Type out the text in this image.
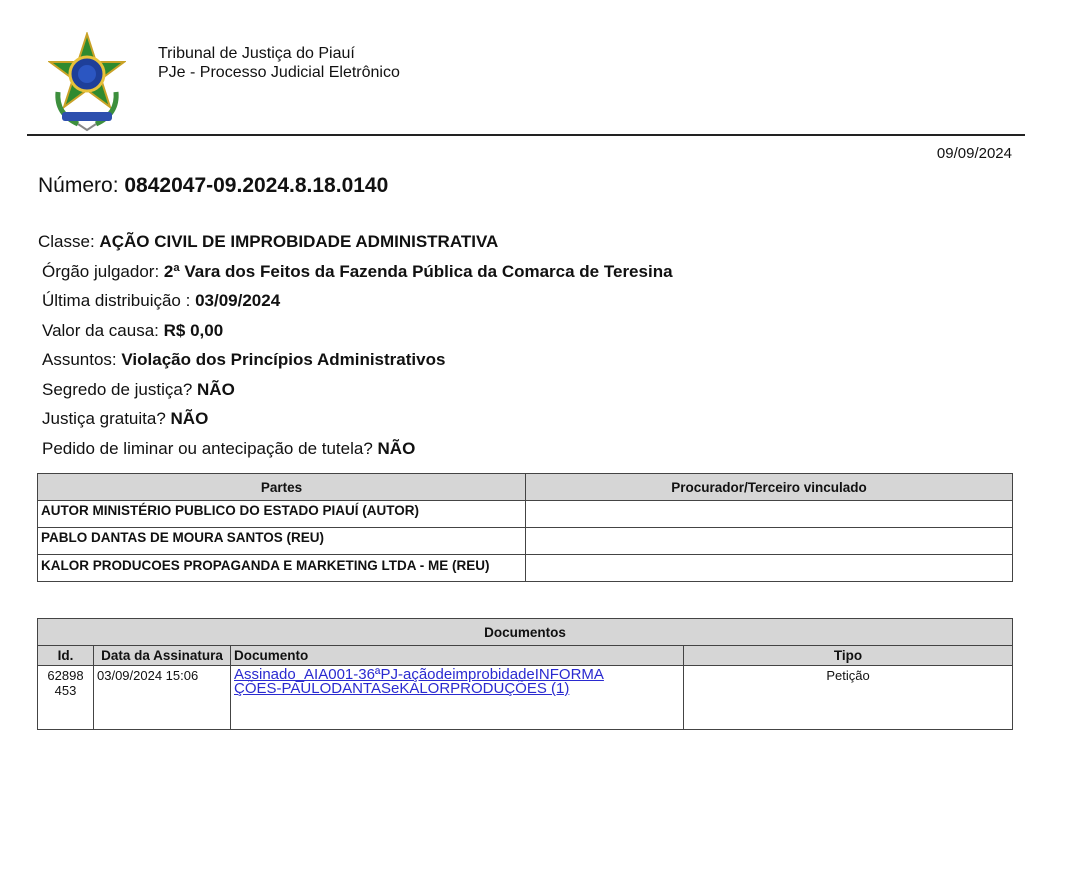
Tribunal de Justiça do Piauí
PJe - Processo Judicial Eletrônico
09/09/2024
Número: 0842047-09.2024.8.18.0140
Classe: AÇÃO CIVIL DE IMPROBIDADE ADMINISTRATIVA
Órgão julgador: 2ª Vara dos Feitos da Fazenda Pública da Comarca de Teresina
Última distribuição : 03/09/2024
Valor da causa: R$ 0,00
Assuntos: Violação dos Princípios Administrativos
Segredo de justiça? NÃO
Justiça gratuita? NÃO
Pedido de liminar ou antecipação de tutela? NÃO
Partes	Procurador/Terceiro vinculado
AUTOR MINISTÉRIO PUBLICO DO ESTADO PIAUÍ (AUTOR)	
PABLO DANTAS DE MOURA SANTOS (REU)	
KALOR PRODUCOES PROPAGANDA E MARKETING LTDA - ME (REU)	
Documentos			
Id.	Data da Assinatura	Documento	Tipo
62898 453	03/09/2024 15:06	Assinado_AIA001-36ªPJ-açãodeimprobidadeINFORMAÇÕES-PAULODANTASeKALORPRODUÇÕES (1)	Petição
